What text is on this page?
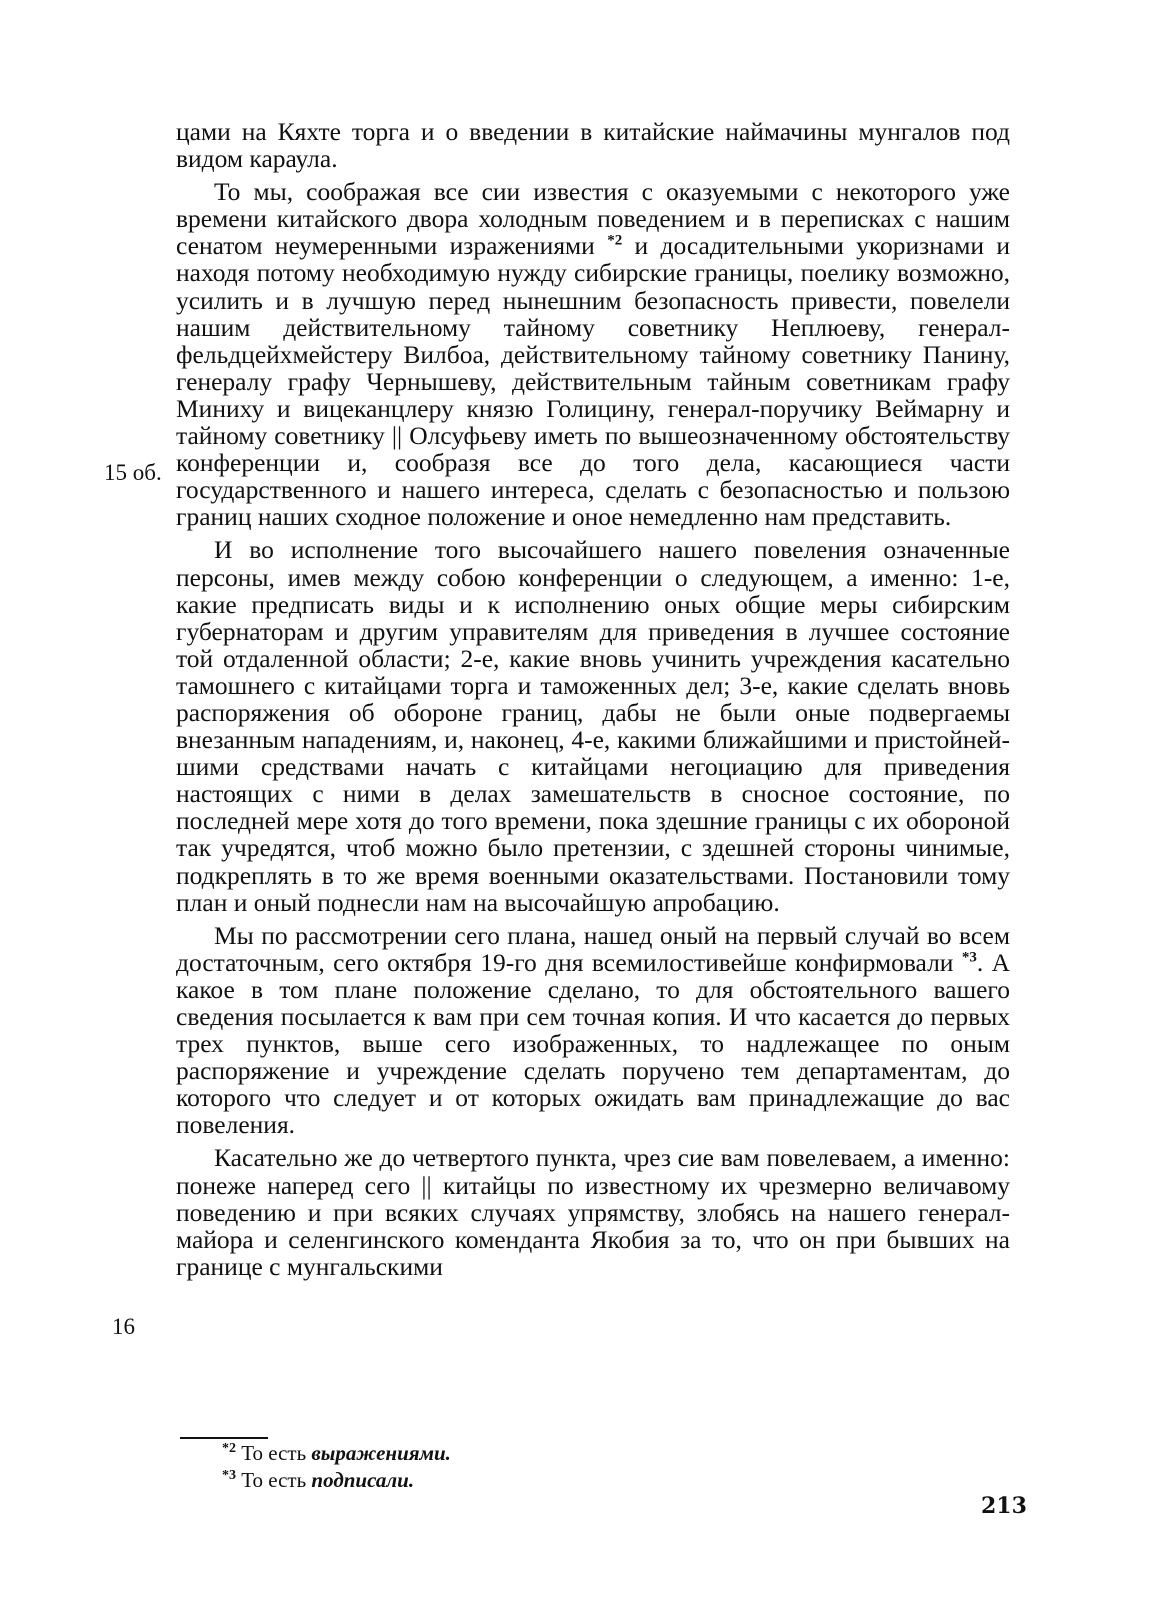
15 об.
16

цами на Кяхте торга и о введении в китайские наймачины мунгалов под видом караула.

То мы, соображая все сии известия с оказуемыми с некоторого уже времени китайского двора холодным поведением и в переписках с нашим сенатом неумеренными изражениями $^{*2}$ и досадительными укоризнами и находя потому необходимую нужду сибирские границы, поелику возможно, усилить и в лучшую перед нынешним безопасность привести, повелели нашим действительному тайному советнику Неплюеву, генерал-фельдцейхмейстеру Вилбоа, действительному тайному советнику Панину, генералу графу Чернышеву, действительным тайным советникам графу Миниху и вицеканцлеру князю Голицину, генерал-поручику Веймарну и тайному советнику || Олсуфьеву иметь по вышеозначенному обстоятельству конференции и, сообразя все до того дела, касающиеся части государственного и нашего интереса, сделать с безопасностью и пользою границ наших сходное положение и оное немедленно нам представить.

И во исполнение того высочайшего нашего повеления означенные персоны, имев между собою конференции о следующем, а именно: 1-е, какие предписать виды и к исполнению оных общие меры сибирским губернаторам и другим управителям для приведения в лучшее состояние той отдаленной области; 2-е, какие вновь учинить учреждения касательно тамошнего с китайцами торга и таможенных дел; 3-е, какие сделать вновь распоряжения об обороне границ, дабы не были оные подвергаемы внезанным нападениям, и, наконец, 4-е, какими ближайшими и пристойнейшими средствами начать с китайцами негоциацию для приведения настоящих с ними в делах замешательств в сносное состояние, по последней мере хотя до того времени, пока здешние границы с их обороной так учредятся, чтоб можно было претензии, с здешней стороны чинимые, подкреплять в то же время военными оказательствами. Постановили тому план и оный поднесли нам на высочайшую апробацию.

Мы по рассмотрении сего плана, нашед оный на первый случай во всем достаточным, сего октября 19-го дня всемилостивейше конфирмовали $^{*3}$. А какое в том плане положение сделано, то для обстоятельного вашего сведения посылается к вам при сем точная копия. И что касается до первых трех пунктов, выше сего изображенных, то надлежащее по оным распоряжение и учреждение сделать поручено тем департаментам, до которого что следует и от которых ожидать вам принадлежащие до вас повеления.

Касательно же до четвертого пункта, чрез сие вам повелеваем, а именно: понеже наперед сего || китайцы по известному их чрезмерно величавому поведению и при всяких случаях упрямству, злобясь на нашего генерал-майора и селенгинского коменданта Якобия за то, что он при бывших на границе с мунгальскими

$^{*2}$ То есть выражениями.
$^{*3}$ То есть подписали.
213
